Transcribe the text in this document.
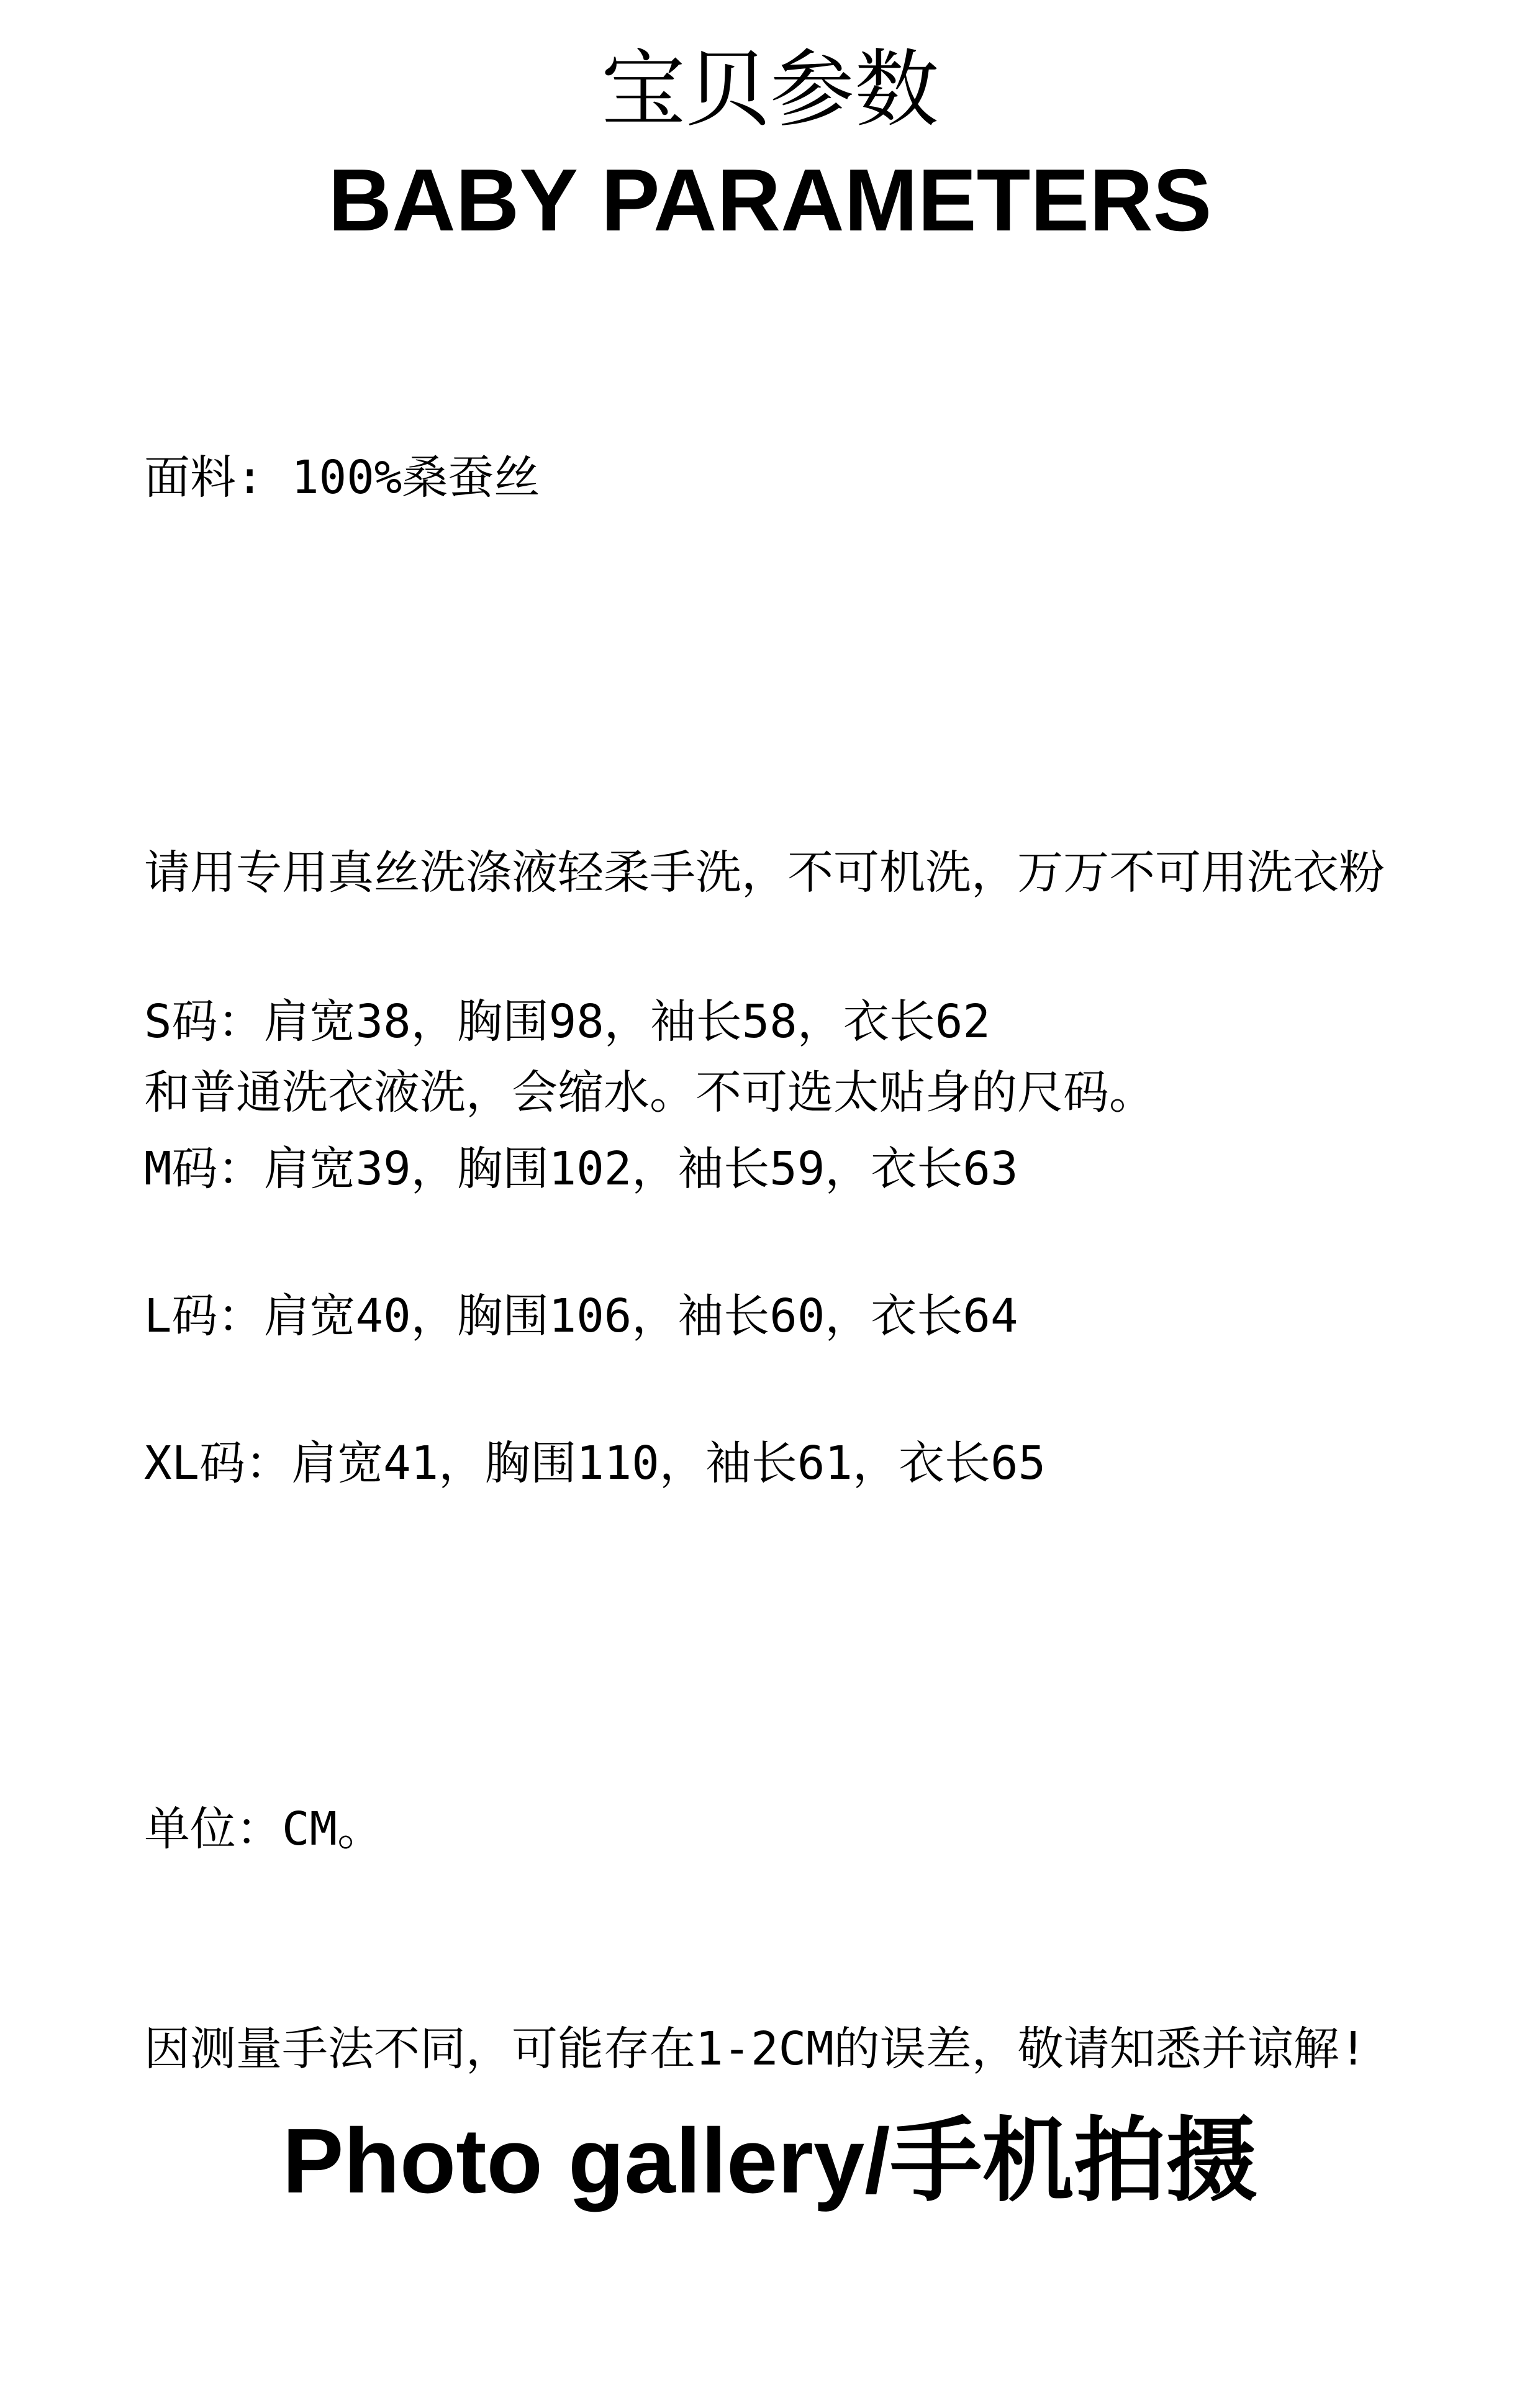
宝贝参数
BABY PARAMETERS
面料: 100%桑蚕丝

请用专用真丝洗涤液轻柔手洗，不可机洗，万万不可用洗衣粉

和普通洗衣液洗，会缩水。不可选太贴身的尺码。

S码：肩宽38，胸围98，袖长58，衣长62
M码：肩宽39，胸围102，袖长59，衣长63
L码：肩宽40，胸围106，袖长60，衣长64
XL码：肩宽41，胸围110，袖长61，衣长65

单位：CM。

因测量手法不同，可能存在1-2CM的误差，敬请知悉并谅解!

Photo gallery/手机拍摄
